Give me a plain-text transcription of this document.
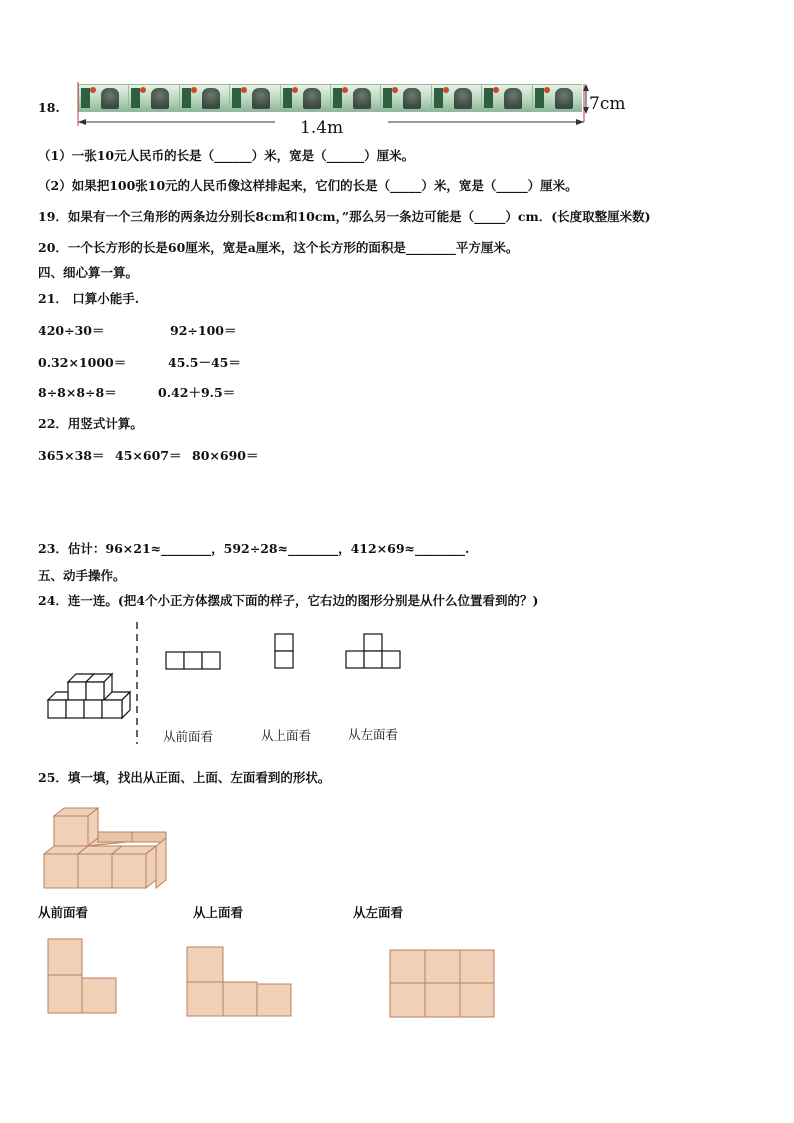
18.	7cm
1.4m
（1）一张10元人民币的长是（______）米，宽是（______）厘米。
（2）如果把100张10元的人民币像这样排起来，它们的长是（_____）米，宽是（_____）厘米。
19．如果有一个三角形的两条边分别长8cm和10cm，”那么另一条边可能是（_____）cm．(长度取整厘米数)
20．一个长方形的长是60厘米，宽是a厘米，这个长方形的面积是________平方厘米。
四、细心算一算。
21． 口算小能手.
420÷30＝	92÷100＝
0.32×1000＝	45.5－45＝
8÷8×8÷8＝	0.42＋9.5＝
22．用竖式计算。
365×38＝ 45×607＝ 80×690＝
23．估计：96×21≈________，592÷28≈________，412×69≈________.
五、动手操作。
24．连一连。(把4个小正方体摆成下面的样子，它右边的图形分别是从什么位置看到的？)
从前面看	从上面看	从左面看
25．填一填，找出从正面、上面、左面看到的形状。
从前面看	从上面看	从左面看
